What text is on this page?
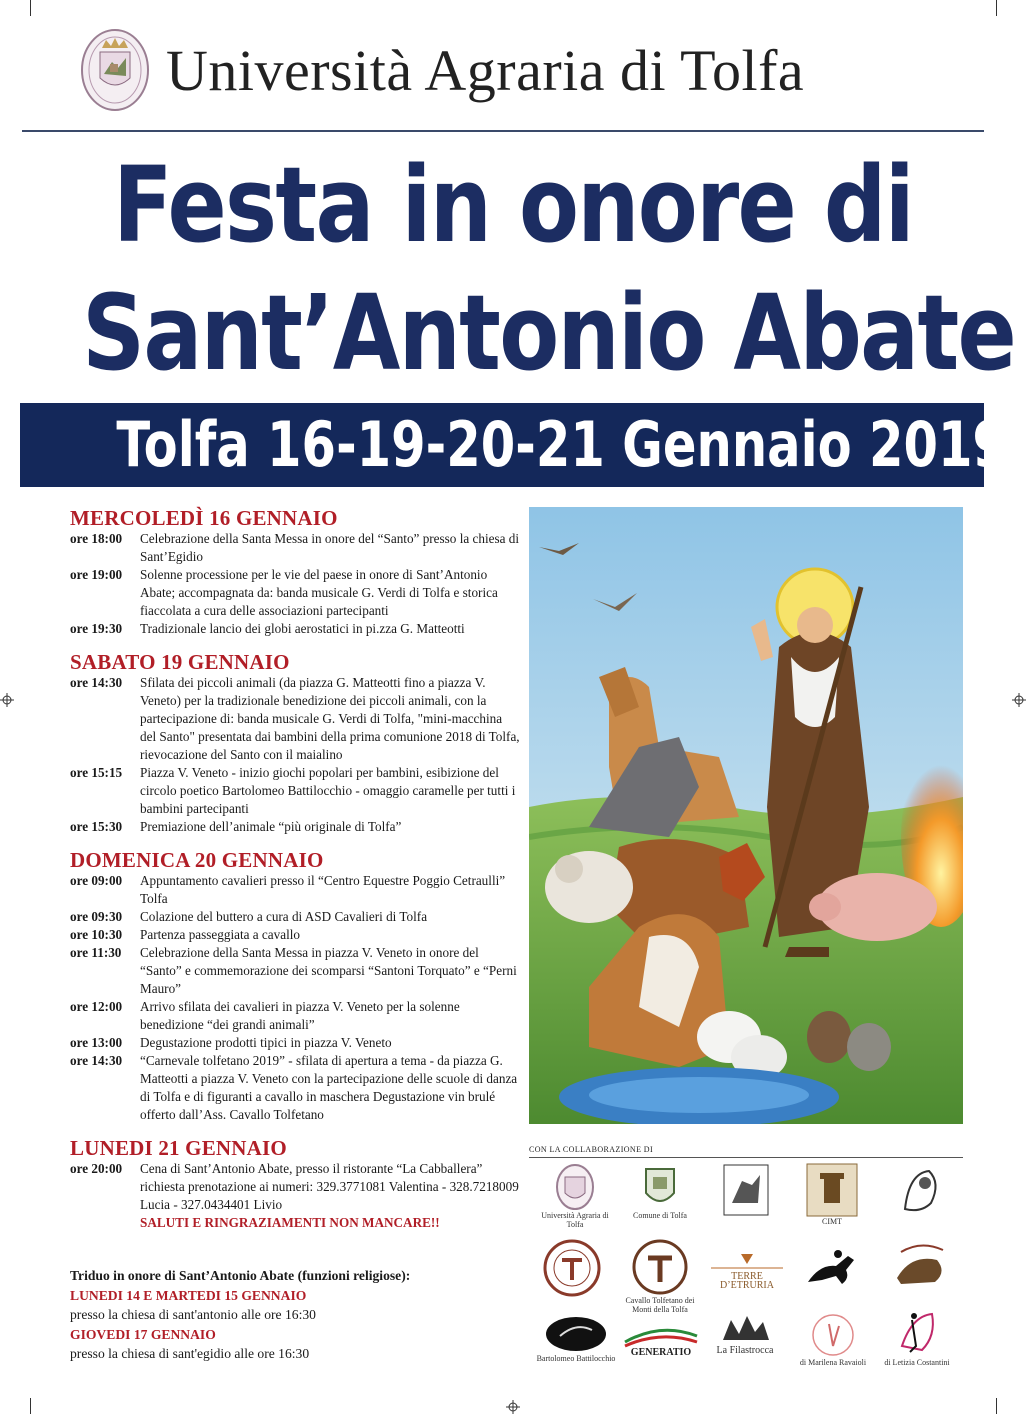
Università Agraria di Tolfa
Festa in onore di
Sant’Antonio Abate
Tolfa 16-19-20-21 Gennaio 2019
MERCOLEDÌ 16 GENNAIO
ore 18:00	Celebrazione della Santa Messa in onore del “Santo” presso la chiesa di Sant’Egidio
ore 19:00	Solenne processione per le vie del paese in onore di Sant’Antonio Abate; accompagnata da: banda musicale G. Verdi di Tolfa e storica fiaccolata a cura delle associazioni partecipanti
ore 19:30	Tradizionale lancio dei globi aerostatici in pi.zza G. Matteotti
SABATO 19 GENNAIO
ore 14:30	Sfilata dei piccoli animali (da piazza G. Matteotti fino a piazza V. Veneto) per la tradizionale benedizione dei piccoli animali, con la partecipazione di: banda musicale G. Verdi di Tolfa, "mini-macchina del Santo" presentata dai bambini della prima comunione 2018 di Tolfa, rievocazione del Santo con il maialino
ore 15:15	Piazza V. Veneto - inizio giochi popolari per bambini, esibizione del circolo poetico Bartolomeo Battilocchio - omaggio caramelle per tutti i bambini partecipanti
ore 15:30	Premiazione dell’animale “più originale di Tolfa”
DOMENICA 20 GENNAIO
ore 09:00	Appuntamento cavalieri presso il “Centro Equestre Poggio Cetraulli” Tolfa
ore 09:30	Colazione del buttero a cura di ASD Cavalieri di Tolfa
ore 10:30	Partenza passeggiata a cavallo
ore 11:30	Celebrazione della Santa Messa in piazza V. Veneto in onore del “Santo” e commemorazione dei scomparsi “Santoni Torquato” e “Perni Mauro”
ore 12:00	Arrivo sfilata dei cavalieri in piazza V. Veneto per la solenne benedizione “dei grandi animali”
ore 13:00	Degustazione prodotti tipici in piazza V. Veneto
ore 14:30	“Carnevale tolfetano 2019” - sfilata di apertura a tema - da piazza G. Matteotti a piazza V. Veneto con la partecipazione delle scuole di danza di Tolfa e di figuranti a cavallo in maschera Degustazione vin brulé offerto dall’Ass. Cavallo Tolfetano
LUNEDI 21 GENNAIO
ore 20:00	Cena di Sant’Antonio Abate, presso il ristorante “La Cabballera” richiesta prenotazione ai numeri: 329.3771081 Valentina - 328.7218009 Lucia - 327.0434401 Livio
SALUTI E RINGRAZIAMENTI NON MANCARE!!
Triduo in onore di Sant’Antonio Abate (funzioni religiose):
LUNEDI 14 E MARTEDI 15 GENNAIO
presso la chiesa di sant'antonio alle ore 16:30
GIOVEDI 17 GENNAIO
presso la chiesa di sant'egidio alle ore 16:30
CON LA COLLABORAZIONE DI
Università Agraria di Tolfa
Comune di Tolfa
CIMT
Cavallo Tolfetano dei Monti della Tolfa
TERRE D’ETRURIA
Bartolomeo Battilocchio
GENERATIO	La Filastrocca
di Marilena Ravaioli	di Letizia Costantini
